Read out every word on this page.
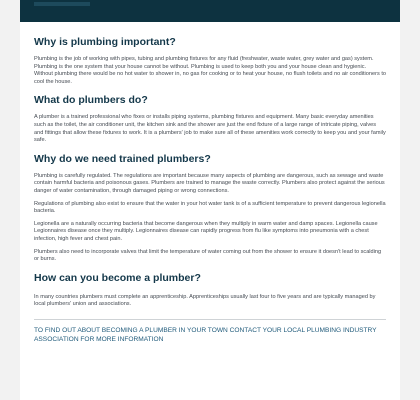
Why is plumbing important?

Plumbing is the job of working with pipes, tubing and plumbing fixtures for any fluid (freshwater, waste water, grey water and gas) system. Plumbing is the one system that your house cannot be without. Plumbing is used to keep both you and your house clean and hygienic. Without plumbing there would be no hot water to shower in, no gas for cooking or to heat your house, no flush toilets and no air conditioners to cool the house.

What do plumbers do?

A plumber is a trained professional who fixes or installs piping systems, plumbing fixtures and equipment. Many basic everyday amenities such as the toilet, the air conditioner unit, the kitchen sink and the shower are just the end fixture of a large range of intricate piping, valves and fittings that allow these fixtures to work. It is a plumbers' job to make sure all of these amenities work correctly to keep you and your family safe.

Why do we need trained plumbers?

Plumbing is carefully regulated. The regulations are important because many aspects of plumbing are dangerous, such as sewage and waste contain harmful bacteria and poisonous gases. Plumbers are trained to manage the waste correctly. Plumbers also protect against the serious danger of water contamination, through damaged piping or wrong connections.

Regulations of plumbing also exist to ensure that the water in your hot water tank is of a sufficient temperature to prevent dangerous legionella bacteria.

Legionella are a naturally occurring bacteria that become dangerous when they multiply in warm water and damp spaces. Legionella cause Legionnaires disease once they multiply. Legionnaires disease can rapidly progress from flu like symptoms into pneumonia with a chest infection, high fever and chest pain.

Plumbers also need to incorporate valves that limit the temperature of water coming out from the shower to ensure it doesn't lead to scalding or burns.

How can you become a plumber?

In many countries plumbers must complete an apprenticeship. Apprenticeships usually last four to five years and are typically managed by local plumbers' union and associations.

TO FIND OUT ABOUT BECOMING A PLUMBER IN YOUR TOWN CONTACT YOUR LOCAL PLUMBING INDUSTRY ASSOCIATION FOR MORE INFORMATION
